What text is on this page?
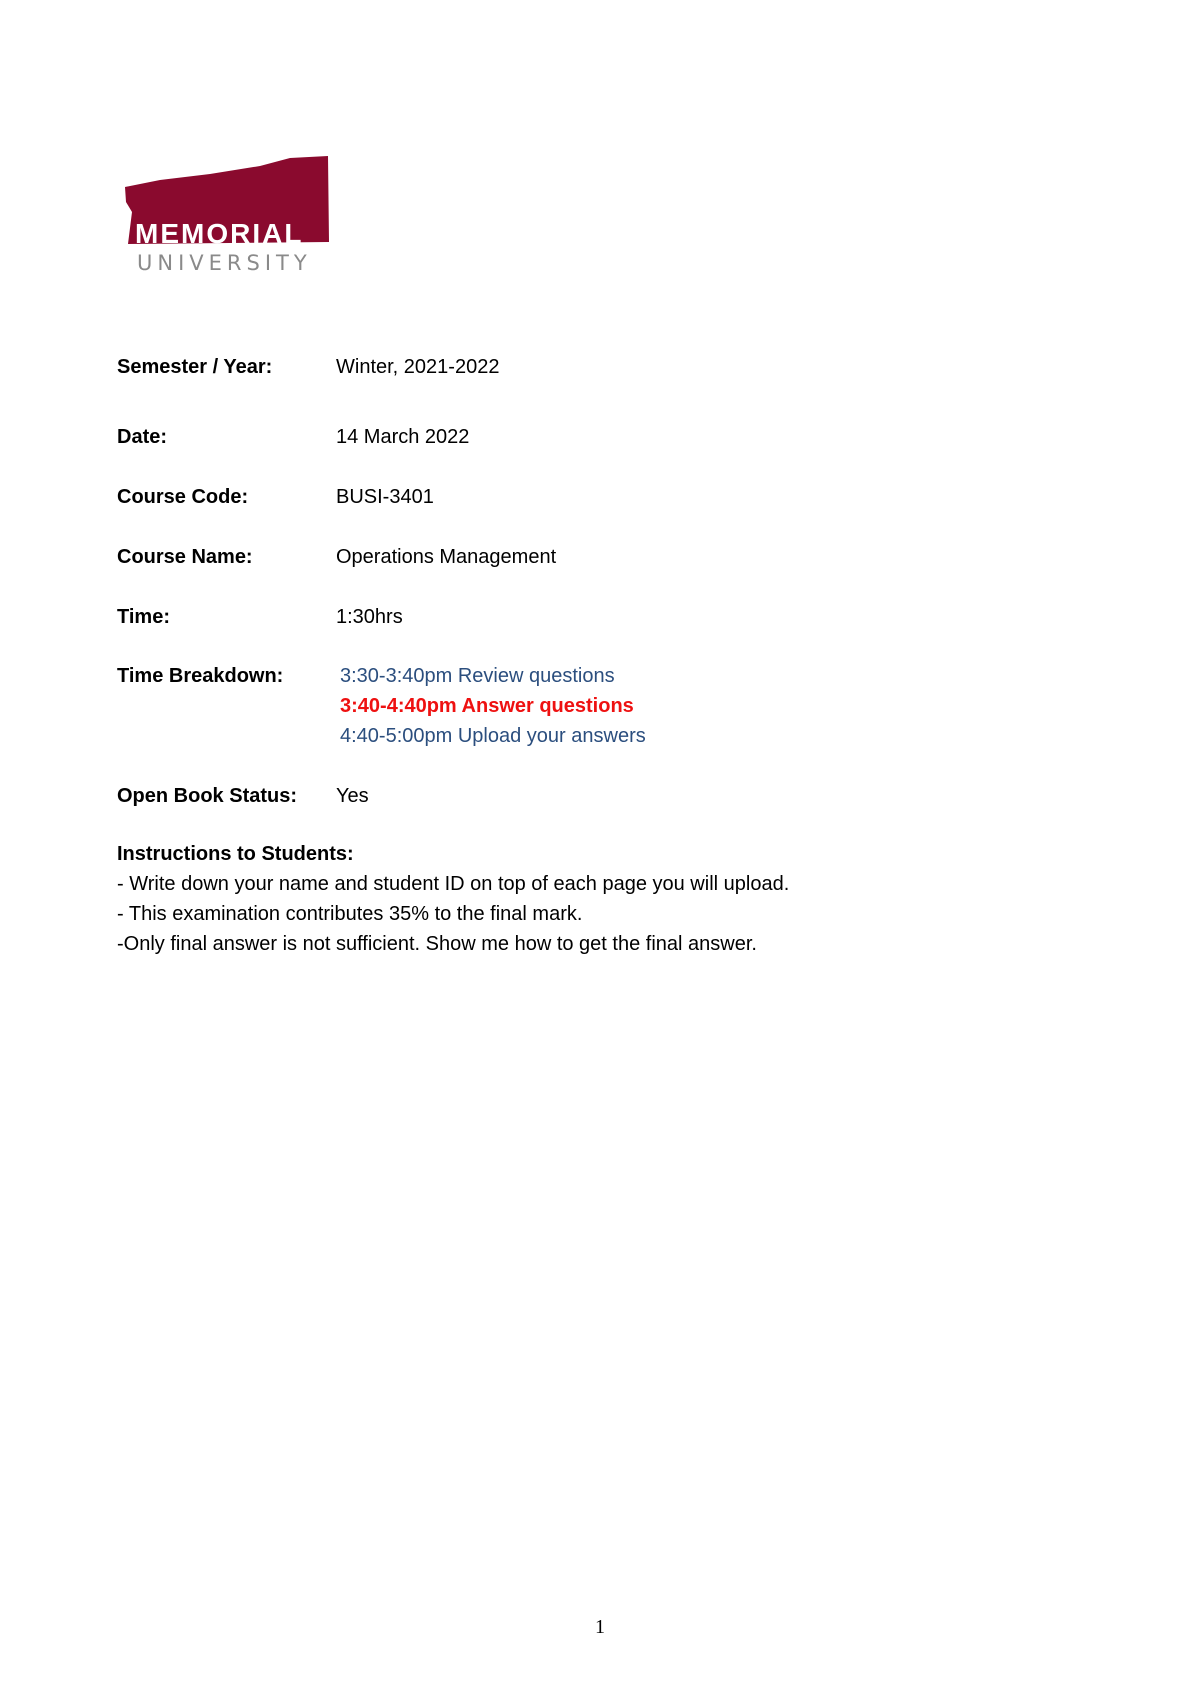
MEMORIAL
UNIVERSITY
Semester / Year:	Winter, 2021-2022
Date:	14 March 2022
Course Code:	BUSI-3401
Course Name:	Operations Management
Time:	1:30hrs
Time Breakdown:	3:30-3:40pm Review questions
3:40-4:40pm Answer questions
4:40-5:00pm Upload your answers
Open Book Status: Yes
Instructions to Students:
- Write down your name and student ID on top of each page you will upload.
- This examination contributes 35% to the final mark.
-Only final answer is not sufficient. Show me how to get the final answer.
1
